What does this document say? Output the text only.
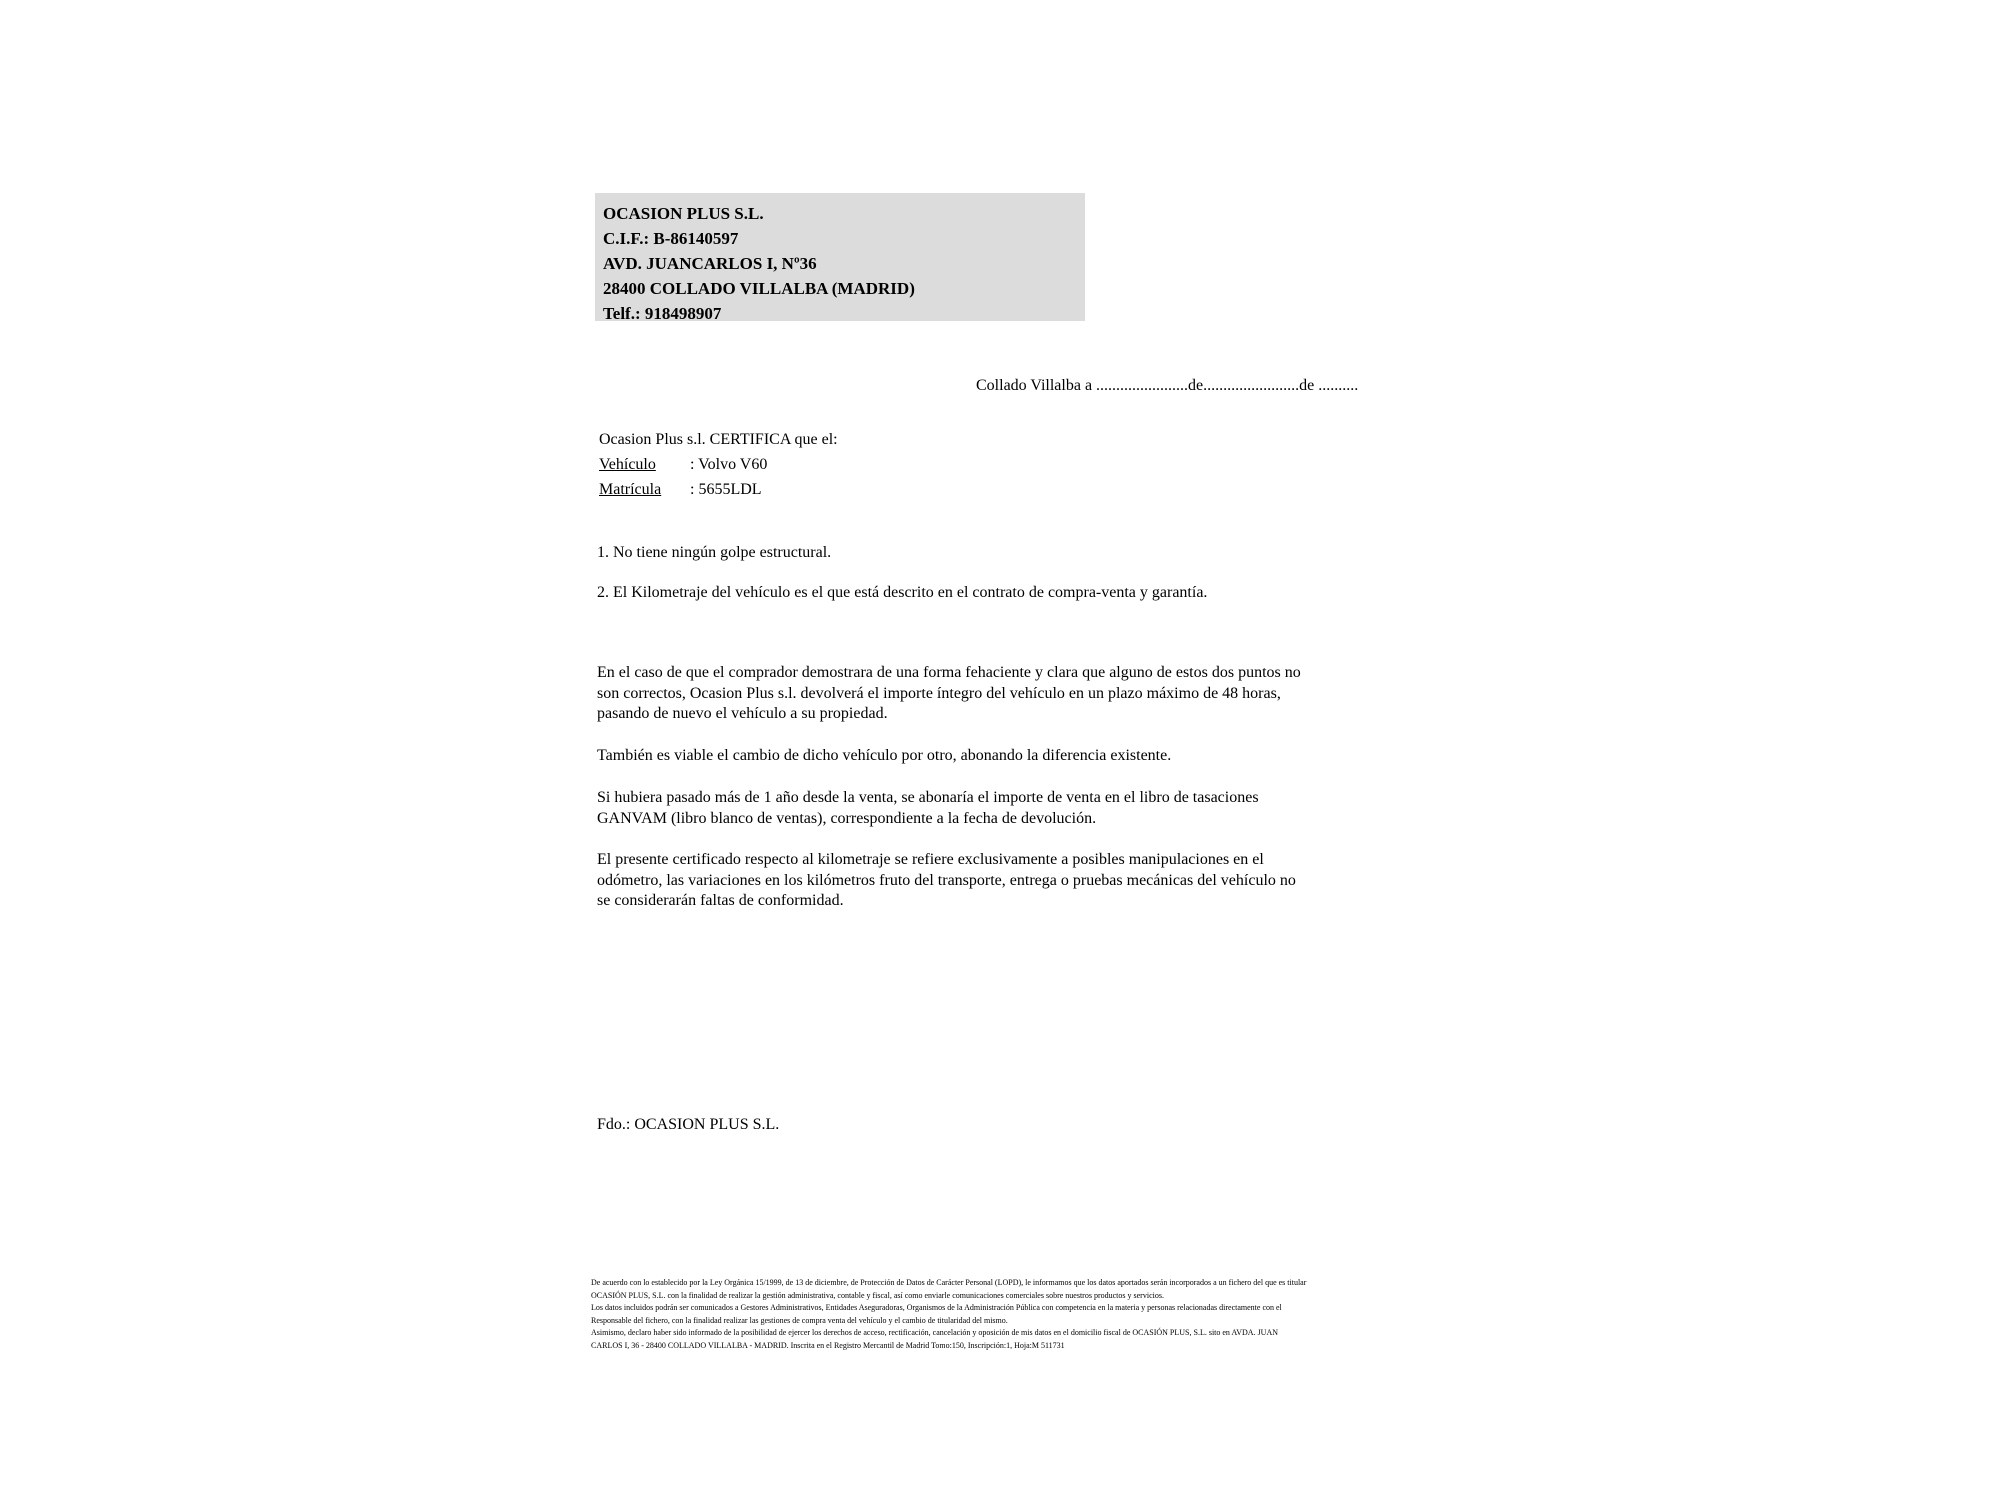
OCASION PLUS S.L.
C.I.F.: B-86140597
AVD. JUANCARLOS I, Nº36
28400 COLLADO VILLALBA (MADRID)
Telf.: 918498907
Collado Villalba a .......................de........................de ..........
Ocasion Plus s.l. CERTIFICA que el:
Vehículo : Volvo V60
Matrícula : 5655LDL
1. No tiene ningún golpe estructural.
2. El Kilometraje del vehículo es el que está descrito en el contrato de compra-venta y garantía.
En el caso de que el comprador demostrara de una forma fehaciente y clara que alguno de estos dos puntos no
son correctos, Ocasion Plus s.l. devolverá el importe íntegro del vehículo en un plazo máximo de 48 horas,
pasando de nuevo el vehículo a su propiedad.
También es viable el cambio de dicho vehículo por otro, abonando la diferencia existente.
Si hubiera pasado más de 1 año desde la venta, se abonaría el importe de venta en el libro de tasaciones
GANVAM (libro blanco de ventas), correspondiente a la fecha de devolución.
El presente certificado respecto al kilometraje se refiere exclusivamente a posibles manipulaciones en el
odómetro, las variaciones en los kilómetros fruto del transporte, entrega o pruebas mecánicas del vehículo no
se considerarán faltas de conformidad.
Fdo.: OCASION PLUS S.L.
De acuerdo con lo establecido por la Ley Orgánica 15/1999, de 13 de diciembre, de Protección de Datos de Carácter Personal (LOPD), le informamos que los datos aportados serán incorporados a un fichero del que es titular
OCASIÓN PLUS, S.L. con la finalidad de realizar la gestión administrativa, contable y fiscal, así como enviarle comunicaciones comerciales sobre nuestros productos y servicios.
Los datos incluidos podrán ser comunicados a Gestores Administrativos, Entidades Aseguradoras, Organismos de la Administración Pública con competencia en la materia y personas relacionadas directamente con el
Responsable del fichero, con la finalidad realizar las gestiones de compra venta del vehículo y el cambio de titularidad del mismo.
Asimismo, declaro haber sido informado de la posibilidad de ejercer los derechos de acceso, rectificación, cancelación y oposición de mis datos en el domicilio fiscal de OCASIÓN PLUS, S.L. sito en AVDA. JUAN
CARLOS I, 36 - 28400 COLLADO VILLALBA - MADRID. Inscrita en el Registro Mercantil de Madrid Tomo:150, Inscripción:1, Hoja:M 511731
